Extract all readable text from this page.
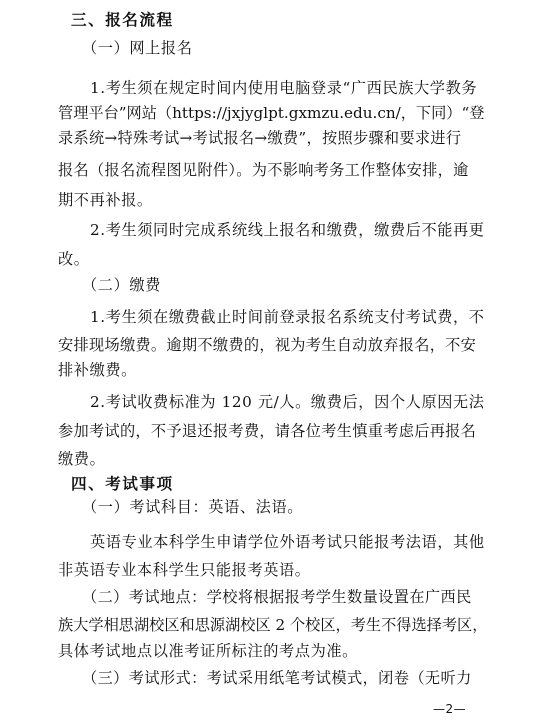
三、报名流程
（一）网上报名
1.考生须在规定时间内使用电脑登录“广西民族大学教务
管理平台”网站（https://jxjyglpt.gxmzu.edu.cn/，下同）“登
录系统→特殊考试→考试报名→缴费”，按照步骤和要求进行
报名（报名流程图见附件）。为不影响考务工作整体安排，逾
期不再补报。
2.考生须同时完成系统线上报名和缴费，缴费后不能再更
改。
（二）缴费
1.考生须在缴费截止时间前登录报名系统支付考试费，不
安排现场缴费。逾期不缴费的，视为考生自动放弃报名，不安
排补缴费。
2.考试收费标准为 120 元/人。缴费后，因个人原因无法
参加考试的，不予退还报考费，请各位考生慎重考虑后再报名
缴费。
四、考试事项
（一）考试科目：英语、法语。
英语专业本科学生申请学位外语考试只能报考法语，其他
非英语专业本科学生只能报考英语。
（二）考试地点：学校将根据报考学生数量设置在广西民
族大学相思湖校区和思源湖校区 2 个校区，考生不得选择考区，
具体考试地点以准考证所标注的考点为准。
（三）考试形式：考试采用纸笔考试模式，闭卷（无听力
—2—
